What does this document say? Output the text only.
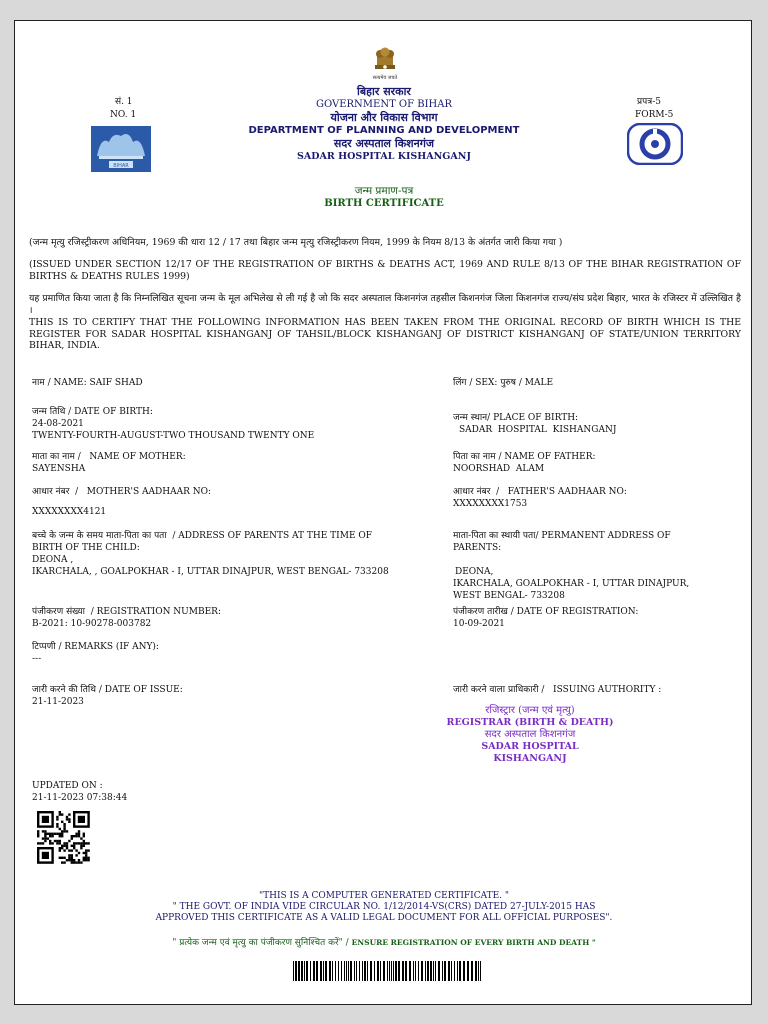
सत्यमेव जयते
सं. 1
NO. 1
BIHAR
प्रपत्र-5
FORM-5
बिहार सरकार
GOVERNMENT OF BIHAR
योजना और विकास विभाग
DEPARTMENT OF PLANNING AND DEVELOPMENT
सदर अस्पताल किशनगंज
SADAR HOSPITAL KISHANGANJ
जन्म प्रमाण-पत्र
BIRTH CERTIFICATE
(जन्म मृत्यु रजिस्ट्रीकरण अधिनियम, 1969 की धारा 12 / 17 तथा बिहार जन्म मृत्यु रजिस्ट्रीकरण नियम, 1999 के नियम 8/13 के अंतर्गत जारी किया गया )
(ISSUED UNDER SECTION 12/17 OF THE REGISTRATION OF BIRTHS & DEATHS ACT, 1969 AND RULE 8/13 OF THE BIHAR REGISTRATION OF BIRTHS & DEATHS RULES 1999)
यह प्रमाणित किया जाता है कि निम्नलिखित सूचना जन्म के मूल अभिलेख से ली गई है जो कि सदर अस्पताल किशनगंज तहसील किशनगंज जिला किशनगंज राज्य/संघ प्रदेश बिहार, भारत के रजिस्टर में उल्लिखित है ।
THIS IS TO CERTIFY THAT THE FOLLOWING INFORMATION HAS BEEN TAKEN FROM THE ORIGINAL RECORD OF BIRTH WHICH IS THE REGISTER FOR SADAR HOSPITAL KISHANGANJ OF TAHSIL/BLOCK KISHANGANJ OF DISTRICT KISHANGANJ OF STATE/UNION TERRITORY BIHAR, INDIA.
नाम / NAME: SAIF SHAD	लिंग / SEX: पुरुष / MALE
जन्म तिथि / DATE OF BIRTH:
24-08-2021
TWENTY-FOURTH-AUGUST-TWO THOUSAND TWENTY ONE
जन्म स्थान/ PLACE OF BIRTH:
SADAR  HOSPITAL  KISHANGANJ
माता का नाम /   NAME OF MOTHER:
SAYENSHA
पिता का नाम / NAME OF FATHER:
NOORSHAD  ALAM
आधार नंबर  /   MOTHER'S AADHAAR NO:
XXXXXXXX4121
आधार नंबर  /   FATHER'S AADHAAR NO:
XXXXXXXX1753
बच्चे के जन्म के समय माता-पिता का पता  / ADDRESS OF PARENTS AT THE TIME OF
BIRTH OF THE CHILD:
DEONA ,
IKARCHALA, , GOALPOKHAR - I, UTTAR DINAJPUR, WEST BENGAL- 733208
माता-पिता का स्थायी पता/ PERMANENT ADDRESS OF
PARENTS:
DEONA,
IKARCHALA, GOALPOKHAR - I, UTTAR DINAJPUR,
WEST BENGAL- 733208
पंजीकरण संख्या  / REGISTRATION NUMBER:
B-2021: 10-90278-003782
पंजीकरण तारीख / DATE OF REGISTRATION:
10-09-2021
टिप्पणी / REMARKS (IF ANY):
---
जारी करने की तिथि / DATE OF ISSUE:
21-11-2023
जारी करने वाला प्राधिकारी /   ISSUING AUTHORITY :
रजिस्ट्रार (जन्म एवं मृत्यु)
REGISTRAR (BIRTH & DEATH)
सदर अस्पताल किशनगंज
SADAR HOSPITAL KISHANGANJ
UPDATED ON :
21-11-2023 07:38:44
"THIS IS A COMPUTER GENERATED CERTIFICATE. "
" THE GOVT. OF INDIA VIDE CIRCULAR NO. 1/12/2014-VS(CRS) DATED 27-JULY-2015 HAS
APPROVED THIS CERTIFICATE AS A VALID LEGAL DOCUMENT FOR ALL OFFICIAL PURPOSES".
" प्रत्येक जन्म एवं मृत्यु का पंजीकरण सुनिश्चित करें" / ENSURE REGISTRATION OF EVERY BIRTH AND DEATH "
